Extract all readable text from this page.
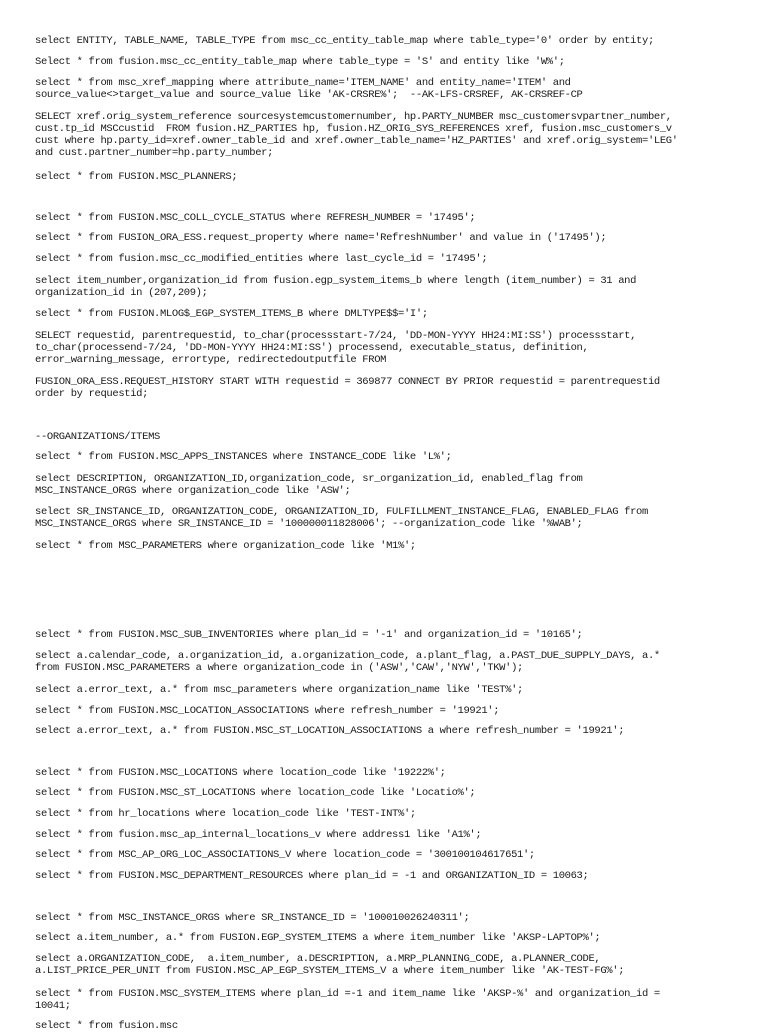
select ENTITY, TABLE_NAME, TABLE_TYPE from msc_cc_entity_table_map where table_type='0' order by entity;
Select * from fusion.msc_cc_entity_table_map where table_type = 'S' and entity like 'W%';
select * from msc_xref_mapping where attribute_name='ITEM_NAME' and entity_name='ITEM' and
source_value<>target_value and source_value like 'AK-CRSRE%';  --AK-LFS-CRSREF, AK-CRSREF-CP
SELECT xref.orig_system_reference sourcesystemcustomernumber, hp.PARTY_NUMBER msc_customersvpartner_number,
cust.tp_id MSCcustid  FROM fusion.HZ_PARTIES hp, fusion.HZ_ORIG_SYS_REFERENCES xref, fusion.msc_customers_v
cust where hp.party_id=xref.owner_table_id and xref.owner_table_name='HZ_PARTIES' and xref.orig_system='LEG'
and cust.partner_number=hp.party_number;
select * from FUSION.MSC_PLANNERS;
select * from FUSION.MSC_COLL_CYCLE_STATUS where REFRESH_NUMBER = '17495';
select * from FUSION_ORA_ESS.request_property where name='RefreshNumber' and value in ('17495');
select * from fusion.msc_cc_modified_entities where last_cycle_id = '17495';
select item_number,organization_id from fusion.egp_system_items_b where length (item_number) = 31 and
organization_id in (207,209);
select * from FUSION.MLOG$_EGP_SYSTEM_ITEMS_B where DMLTYPE$$='I';
SELECT requestid, parentrequestid, to_char(processstart-7/24, 'DD-MON-YYYY HH24:MI:SS') processstart,
to_char(processend-7/24, 'DD-MON-YYYY HH24:MI:SS') processend, executable_status, definition,
error_warning_message, errortype, redirectedoutputfile FROM
FUSION_ORA_ESS.REQUEST_HISTORY START WITH requestid = 369877 CONNECT BY PRIOR requestid = parentrequestid
order by requestid;
--ORGANIZATIONS/ITEMS
select * from FUSION.MSC_APPS_INSTANCES where INSTANCE_CODE like 'L%';
select DESCRIPTION, ORGANIZATION_ID,organization_code, sr_organization_id, enabled_flag from
MSC_INSTANCE_ORGS where organization_code like 'ASW';
select SR_INSTANCE_ID, ORGANIZATION_CODE, ORGANIZATION_ID, FULFILLMENT_INSTANCE_FLAG, ENABLED_FLAG from
MSC_INSTANCE_ORGS where SR_INSTANCE_ID = '100000011828006'; --organization_code like '%WAB';
select * from MSC_PARAMETERS where organization_code like 'M1%';
select * from FUSION.MSC_SUB_INVENTORIES where plan_id = '-1' and organization_id = '10165';
select a.calendar_code, a.organization_id, a.organization_code, a.plant_flag, a.PAST_DUE_SUPPLY_DAYS, a.*
from FUSION.MSC_PARAMETERS a where organization_code in ('ASW','CAW','NYW','TKW');
select a.error_text, a.* from msc_parameters where organization_name like 'TEST%';
select * from FUSION.MSC_LOCATION_ASSOCIATIONS where refresh_number = '19921';
select a.error_text, a.* from FUSION.MSC_ST_LOCATION_ASSOCIATIONS a where refresh_number = '19921';
select * from FUSION.MSC_LOCATIONS where location_code like '19222%';
select * from FUSION.MSC_ST_LOCATIONS where location_code like 'Locatio%';
select * from hr_locations where location_code like 'TEST-INT%';
select * from fusion.msc_ap_internal_locations_v where address1 like 'A1%';
select * from MSC_AP_ORG_LOC_ASSOCIATIONS_V where location_code = '300100104617651';
select * from FUSION.MSC_DEPARTMENT_RESOURCES where plan_id = -1 and ORGANIZATION_ID = 10063;
select * from MSC_INSTANCE_ORGS where SR_INSTANCE_ID = '100010026240311';
select a.item_number, a.* from FUSION.EGP_SYSTEM_ITEMS a where item_number like 'AKSP-LAPTOP%';
select a.ORGANIZATION_CODE,  a.item_number, a.DESCRIPTION, a.MRP_PLANNING_CODE, a.PLANNER_CODE,
a.LIST_PRICE_PER_UNIT from FUSION.MSC_AP_EGP_SYSTEM_ITEMS_V a where item_number like 'AK-TEST-FG%';
select * from FUSION.MSC_SYSTEM_ITEMS where plan_id =-1 and item_name like 'AKSP-%' and organization_id =
10041;
select * from fusion.msc
